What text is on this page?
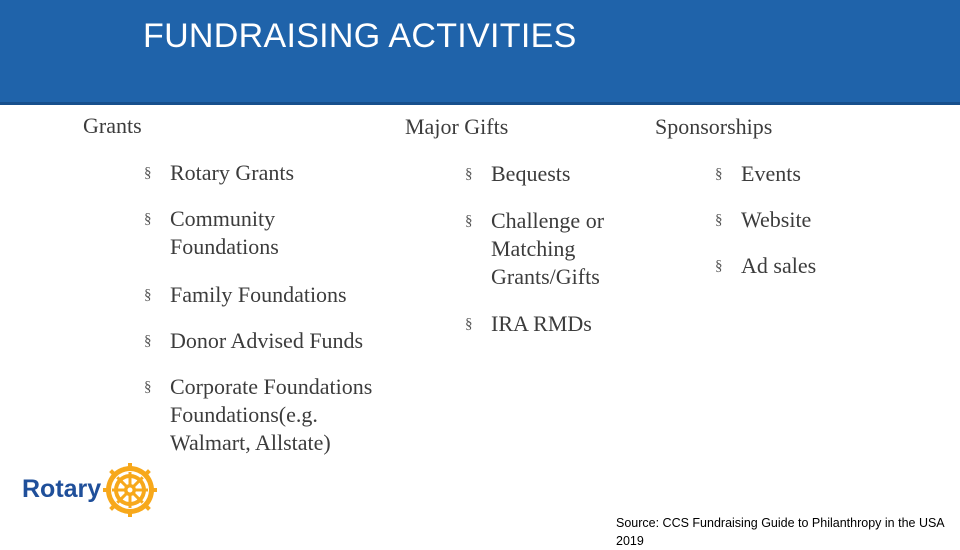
FUNDRAISING ACTIVITIES
Grants	Major Gifts	Sponsorships
§ Rotary Grants
§ Community Foundations
§ Family Foundations
§ Donor Advised Funds
§ Corporate Foundations Foundations(e.g. Walmart, Allstate)
§ Bequests
§ Challenge or Matching Grants/Gifts
§ IRA RMDs
§ Events
§ Website
§ Ad sales
Rotary
Source: CCS Fundraising Guide to Philanthropy in the USA 2019
